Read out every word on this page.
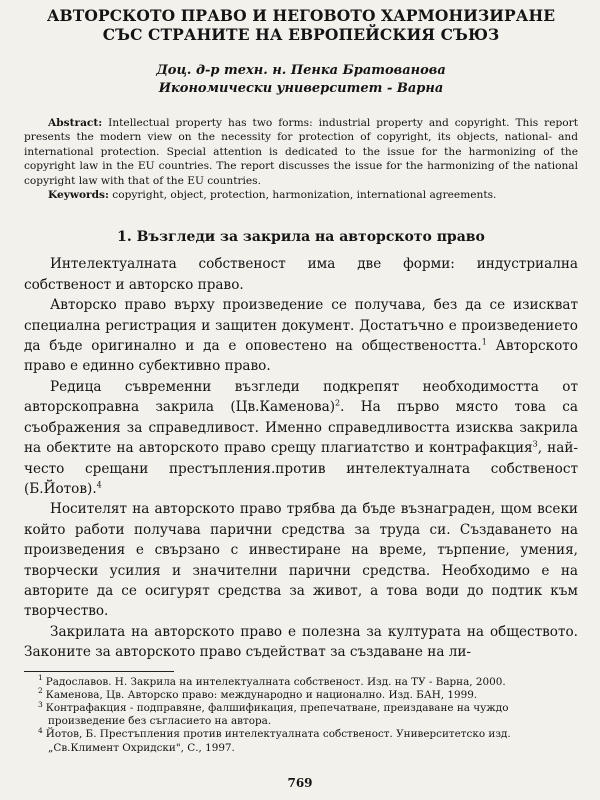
АВТОРСКОТО ПРАВО И НЕГОВОТО ХАРМОНИЗИРАНЕ
СЪС СТРАНИТЕ НА ЕВРОПЕЙСКИЯ СЪЮЗ
Доц. д-р техн. н. Пенка Братованова
Икономически университет - Варна
Abstract: Intellectual property has two forms: industrial property and copyright. This report presents the modern view on the necessity for protection of copyright, its objects, national- and international protection. Special attention is dedicated to the issue for the harmonizing of the copyright law in the EU countries. The report discusses the issue for the harmonizing of the national copyright law with that of the EU countries.
Keywords: copyright, object, protection, harmonization, international agreements.
1. Възгледи за закрила на авторското право

Интелектуалната собственост има две форми: индустриална собственост и авторско право.

Авторско право върху произведение се получава, без да се изискват специална регистрация и защитен документ. Достатъчно е произведението да бъде оригинално и да е оповестено на обществеността.$^1$ Авторското право е единно субективно право.

Редица съвременни възгледи подкрепят необходимостта от авторскоправна закрила (Цв.Каменова)$^2$. На първо място това са съображения за справедливост. Именно справедливостта изисква закрила на обектите на авторското право срещу плагиатство и контрафакция$^3$, най-често срещани престъпления.против интелектуалната собственост (Б.Йотов).$^4$

Носителят на авторското право трябва да бъде възнаграден, щом всеки който работи получава парични средства за труда си. Създаването на произведения е свързано с инвестиране на време, търпение, умения, творчески усилия и значителни парични средства. Необходимо е на авторите да се осигурят средства за живот, а това води до подтик към творчество.

Закрилата на авторското право е полезна за културата на обществото. Законите за авторското право съдействат за създаване на ли-

$^1$ Радославов. Н. Закрила на интелектуалната собственост. Изд. на ТУ - Варна, 2000.
$^2$ Каменова, Цв. Авторско право: международно и национално. Изд. БАН, 1999.
$^3$ Контрафакция - подправяне, фалшификация, препечатване, преиздаване на чуждо произведение без съгласието на автора.
$^4$ Йотов, Б. Престъпления против интелектуалната собственост. Университетско изд. „Св.Климент Охридски", С., 1997.
769
